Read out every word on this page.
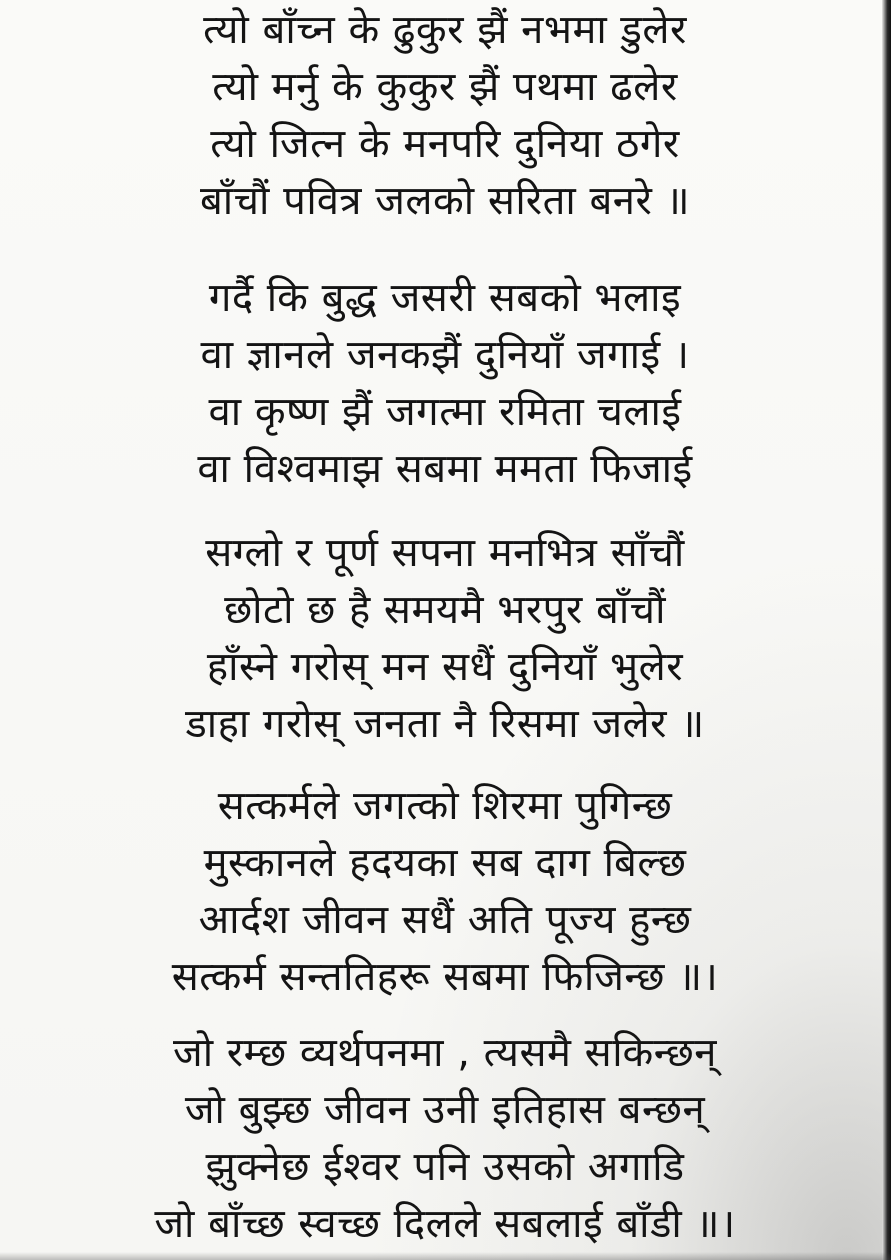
त्यो बाँच्न के ढुकुर झैं नभमा डुलेर
त्यो मर्नु के कुकुर झैं पथमा ढलेर
त्यो जित्न के मनपरि दुनिया ठगेर
बाँचौं पवित्र जलको सरिता बनरे ॥
गर्दै कि बुद्ध जसरी सबको भलाइ
वा ज्ञानले जनकझैं दुनियाँ जगाई ।
वा कृष्ण झैं जगत्मा रमिता चलाई
वा विश्वमाझ सबमा ममता फिजाई
सग्लो र पूर्ण सपना मनभित्र साँचौं
छोटो छ है समयमै भरपुर बाँचौं
हाँस्ने गरोस् मन सधैं दुनियाँ भुलेर
डाहा गरोस् जनता नै रिसमा जलेर ॥
सत्कर्मले जगत्को शिरमा पुगिन्छ
मुस्कानले हदयका सब दाग बिल्छ
आर्दश जीवन सधैं अति पूज्य हुन्छ
सत्कर्म सन्ततिहरू सबमा फिजिन्छ ॥।
जो रम्छ व्यर्थपनमा , त्यसमै सकिन्छन्
जो बुझ्छ जीवन उनी इतिहास बन्छन्
झुक्नेछ ईश्वर पनि उसको अगाडि
जो बाँच्छ स्वच्छ दिलले सबलाई बाँडी ॥।
